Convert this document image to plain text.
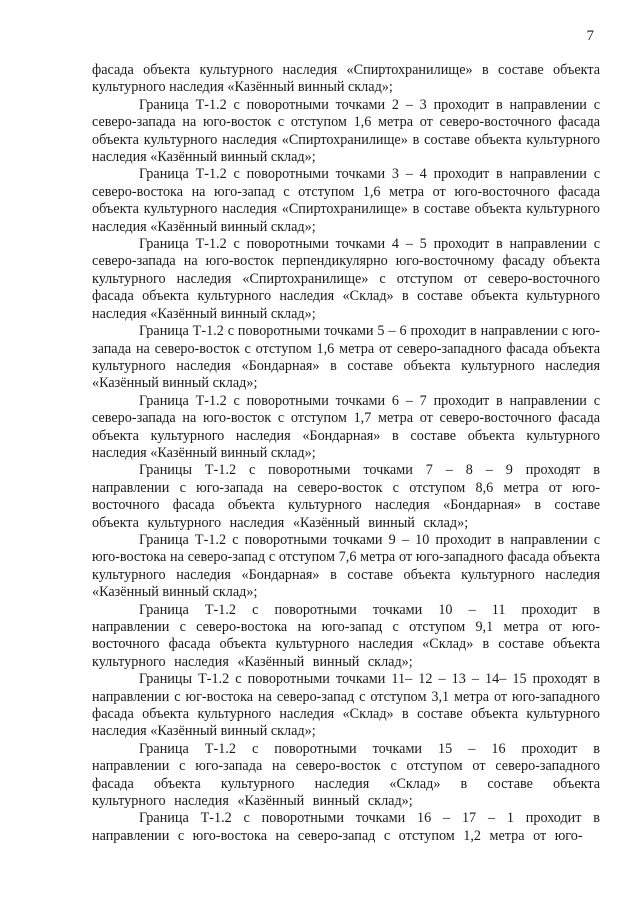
7

фасада объекта культурного наследия «Спиртохранилище» в составе объекта культурного наследия «Казённый винный склад»;

Граница Т-1.2 с поворотными точками 2 – 3 проходит в направлении с северо-запада на юго-восток с отступом 1,6 метра от северо-восточного фасада объекта культурного наследия «Спиртохранилище» в составе объекта культурного наследия «Казённый винный склад»;

Граница Т-1.2 с поворотными точками 3 – 4 проходит в направлении с северо-востока на юго-запад с отступом 1,6 метра от юго-восточного фасада объекта культурного наследия «Спиртохранилище» в составе объекта культурного наследия «Казённый винный склад»;

Граница Т-1.2 с поворотными точками 4 – 5 проходит в направлении с северо-запада на юго-восток перпендикулярно юго-восточному фасаду объекта культурного наследия «Спиртохранилище» с отступом от северо-восточного фасада объекта культурного наследия «Склад» в составе объекта культурного наследия «Казённый винный склад»;

Граница Т-1.2 с поворотными точками 5 – 6 проходит в направлении с юго-запада на северо-восток с отступом 1,6 метра от северо-западного фасада объекта культурного наследия «Бондарная» в составе объекта культурного наследия «Казённый винный склад»;

Граница Т-1.2 с поворотными точками 6 – 7 проходит в направлении с северо-запада на юго-восток с отступом 1,7 метра от северо-восточного фасада объекта культурного наследия «Бондарная» в составе объекта культурного наследия «Казённый винный склад»;

Границы Т-1.2 с поворотными точками 7 – 8 – 9 проходят в направлении с юго-запада на северо-восток с отступом 8,6 метра от юго-восточного фасада объекта культурного наследия «Бондарная» в составе объекта культурного наследия «Казённый винный склад»;

Граница Т-1.2 с поворотными точками 9 – 10 проходит в направлении с юго-востока на северо-запад с отступом 7,6 метра от юго-западного фасада объекта культурного наследия «Бондарная» в составе объекта культурного наследия «Казённый винный склад»;

Граница Т-1.2 с поворотными точками 10 – 11 проходит в направлении с северо-востока на юго-запад с отступом 9,1 метра от юго-восточного фасада объекта культурного наследия «Склад» в составе объекта культурного наследия «Казённый винный склад»;

Границы Т-1.2 с поворотными точками 11– 12 – 13 – 14– 15 проходят в направлении с юг-востока на северо-запад с отступом 3,1 метра от юго-западного фасада объекта культурного наследия «Склад» в составе объекта культурного наследия «Казённый винный склад»;

Граница Т-1.2 с поворотными точками 15 – 16 проходит в направлении с юго-запада на северо-восток с отступом от северо-западного фасада объекта культурного наследия «Склад» в составе объекта культурного наследия «Казённый винный склад»;

Граница Т-1.2 с поворотными точками 16 – 17 – 1 проходит в направлении с юго-востока на северо-запад с отступом 1,2 метра от юго-
